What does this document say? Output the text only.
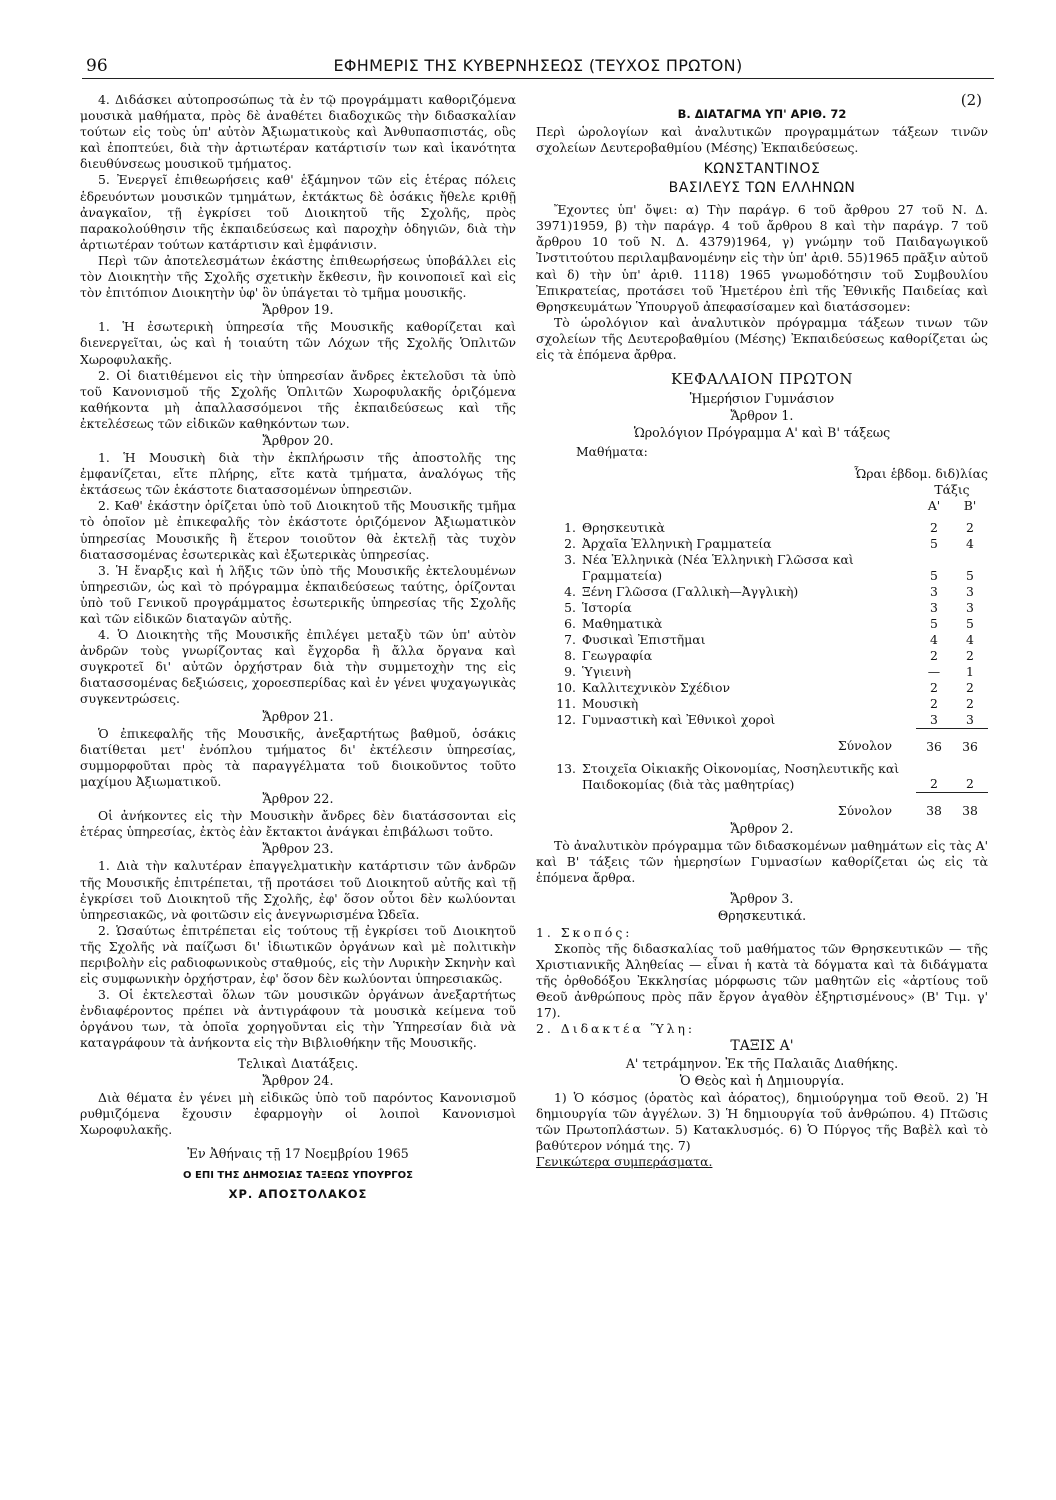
96	ΕΦΗΜΕΡΙΣ ΤΗΣ ΚΥΒΕΡΝΗΣΕΩΣ (ΤΕΥΧΟΣ ΠΡΩΤΟΝ)

4. Διδάσκει αὐτοπροσώπως τὰ ἐν τῷ προγράμματι καθοριζόμενα μουσικὰ μαθήματα, πρὸς δὲ ἀναθέτει διαδοχικῶς τὴν διδασκαλίαν τούτων εἰς τοὺς ὑπ' αὐτὸν Ἀξιωματικοὺς καὶ Ἀνθυπασπιστάς, οὓς καὶ ἐποπτεύει, διὰ τὴν ἀρτιωτέραν κατάρτισίν των καὶ ἱκανότητα διευθύνσεως μουσικοῦ τμήματος.

5. Ἐνεργεῖ ἐπιθεωρήσεις καθ' ἑξάμηνον τῶν εἰς ἑτέρας πόλεις ἑδρευόντων μουσικῶν τμημάτων, ἐκτάκτως δὲ ὁσάκις ἤθελε κριθῇ ἀναγκαῖον, τῇ ἐγκρίσει τοῦ Διοικητοῦ τῆς Σχολῆς, πρὸς παρακολούθησιν τῆς ἐκπαιδεύσεως καὶ παροχὴν ὁδηγιῶν, διὰ τὴν ἀρτιωτέραν τούτων κατάρτισιν καὶ ἐμφάνισιν.

Περὶ τῶν ἀποτελεσμάτων ἑκάστης ἐπιθεωρήσεως ὑποβάλλει εἰς τὸν Διοικητὴν τῆς Σχολῆς σχετικὴν ἔκθεσιν, ἣν κοινοποιεῖ καὶ εἰς τὸν ἐπιτόπιον Διοικητὴν ὑφ' ὃν ὑπάγεται τὸ τμῆμα μουσικῆς.

Ἄρθρον 19.

1. Ἡ ἐσωτερικὴ ὑπηρεσία τῆς Μουσικῆς καθορίζεται καὶ διενεργεῖται, ὡς καὶ ἡ τοιαύτη τῶν Λόχων τῆς Σχολῆς Ὁπλιτῶν Χωροφυλακῆς.

2. Οἱ διατιθέμενοι εἰς τὴν ὑπηρεσίαν ἄνδρες ἐκτελοῦσι τὰ ὑπὸ τοῦ Κανονισμοῦ τῆς Σχολῆς Ὁπλιτῶν Χωροφυλακῆς ὁριζόμενα καθήκοντα μὴ ἀπαλλασσόμενοι τῆς ἐκπαιδεύσεως καὶ τῆς ἐκτελέσεως τῶν εἰδικῶν καθηκόντων των.

Ἄρθρον 20.

1. Ἡ Μουσικὴ διὰ τὴν ἐκπλήρωσιν τῆς ἀποστολῆς της ἐμφανίζεται, εἴτε πλήρης, εἴτε κατὰ τμήματα, ἀναλόγως τῆς ἐκτάσεως τῶν ἑκάστοτε διατασσομένων ὑπηρεσιῶν.

2. Καθ' ἑκάστην ὁρίζεται ὑπὸ τοῦ Διοικητοῦ τῆς Μουσικῆς τμῆμα τὸ ὁποῖον μὲ ἐπικεφαλῆς τὸν ἑκάστοτε ὁριζόμενον Ἀξιωματικὸν ὑπηρεσίας Μουσικῆς ἢ ἕτερον τοιοῦτον θὰ ἐκτελῇ τὰς τυχὸν διατασσομένας ἐσωτερικὰς καὶ ἐξωτερικὰς ὑπηρεσίας.

3. Ἡ ἔναρξις καὶ ἡ λῆξις τῶν ὑπὸ τῆς Μουσικῆς ἐκτελουμένων ὑπηρεσιῶν, ὡς καὶ τὸ πρόγραμμα ἐκπαιδεύσεως ταύτης, ὁρίζονται ὑπὸ τοῦ Γενικοῦ προγράμματος ἐσωτερικῆς ὑπηρεσίας τῆς Σχολῆς καὶ τῶν εἰδικῶν διαταγῶν αὐτῆς.

4. Ὁ Διοικητὴς τῆς Μουσικῆς ἐπιλέγει μεταξὺ τῶν ὑπ' αὐτὸν ἀνδρῶν τοὺς γνωρίζοντας καὶ ἔγχορδα ἢ ἄλλα ὄργανα καὶ συγκροτεῖ δι' αὐτῶν ὀρχήστραν διὰ τὴν συμμετοχὴν της εἰς διατασσομένας δεξιώσεις, χοροεσπερίδας καὶ ἐν γένει ψυχαγωγικὰς συγκεντρώσεις.

Ἄρθρον 21.

Ὁ ἐπικεφαλῆς τῆς Μουσικῆς, ἀνεξαρτήτως βαθμοῦ, ὁσάκις διατίθεται μετ' ἐνόπλου τμήματος δι' ἐκτέλεσιν ὑπηρεσίας, συμμορφοῦται πρὸς τὰ παραγγέλματα τοῦ διοικοῦντος τοῦτο μαχίμου Ἀξιωματικοῦ.

Ἄρθρον 22.

Οἱ ἀνήκοντες εἰς τὴν Μουσικὴν ἄνδρες δὲν διατάσσονται εἰς ἑτέρας ὑπηρεσίας, ἐκτὸς ἐὰν ἔκτακτοι ἀνάγκαι ἐπιβάλωσι τοῦτο.

Ἄρθρον 23.

1. Διὰ τὴν καλυτέραν ἐπαγγελματικὴν κατάρτισιν τῶν ἀνδρῶν τῆς Μουσικῆς ἐπιτρέπεται, τῇ προτάσει τοῦ Διοικητοῦ αὐτῆς καὶ τῇ ἐγκρίσει τοῦ Διοικητοῦ τῆς Σχολῆς, ἐφ' ὅσον οὗτοι δὲν κωλύονται ὑπηρεσιακῶς, νὰ φοιτῶσιν εἰς ἀνεγνωρισμένα Ὠδεῖα.

2. Ὡσαύτως ἐπιτρέπεται εἰς τούτους τῇ ἐγκρίσει τοῦ Διοικητοῦ τῆς Σχολῆς νὰ παίζωσι δι' ἰδιωτικῶν ὀργάνων καὶ μὲ πολιτικὴν περιβολὴν εἰς ραδιοφωνικοὺς σταθμούς, εἰς τὴν Λυρικὴν Σκηνὴν καὶ εἰς συμφωνικὴν ὀρχήστραν, ἐφ' ὅσον δὲν κωλύονται ὑπηρεσιακῶς.

3. Οἱ ἐκτελεσταὶ ὅλων τῶν μουσικῶν ὀργάνων ἀνεξαρτήτως ἐνδιαφέροντος πρέπει νὰ ἀντιγράφουν τὰ μουσικὰ κείμενα τοῦ ὀργάνου των, τὰ ὁποῖα χορηγοῦνται εἰς τὴν Ὑπηρεσίαν διὰ νὰ καταγράφουν τὰ ἀνήκοντα εἰς τὴν Βιβλιοθήκην τῆς Μουσικῆς.

Τελικαὶ Διατάξεις.
Ἄρθρον 24.

Διὰ θέματα ἐν γένει μὴ εἰδικῶς ὑπὸ τοῦ παρόντος Κανονισμοῦ ρυθμιζόμενα ἔχουσιν ἐφαρμογὴν οἱ λοιποὶ Κανονισμοὶ Χωροφυλακῆς.

Ἐν Ἀθήναις τῇ 17 Νοεμβρίου 1965
Ο ΕΠΙ ΤΗΣ ΔΗΜΟΣΙΑΣ ΤΑΞΕΩΣ ΥΠΟΥΡΓΟΣ
ΧΡ. ΑΠΟΣΤΟΛΑΚΟΣ
(2)
Β. ΔΙΑΤΑΓΜΑ ΥΠ' ΑΡΙΘ. 72

Περὶ ὡρολογίων καὶ ἀναλυτικῶν προγραμμάτων τάξεων τινῶν σχολείων Δευτεροβαθμίου (Μέσης) Ἐκπαιδεύσεως.

ΚΩΝΣΤΑΝΤΙΝΟΣ
ΒΑΣΙΛΕΥΣ ΤΩΝ ΕΛΛΗΝΩΝ

Ἔχοντες ὑπ' ὄψει: α) Τὴν παράγρ. 6 τοῦ ἄρθρου 27 τοῦ Ν. Δ. 3971)1959, β) τὴν παράγρ. 4 τοῦ ἄρθρου 8 καὶ τὴν παράγρ. 7 τοῦ ἄρθρου 10 τοῦ Ν. Δ. 4379)1964, γ) γνώμην τοῦ Παιδαγωγικοῦ Ἰνστιτούτου περιλαμβανομένην εἰς τὴν ὑπ' ἀριθ. 55)1965 πρᾶξιν αὐτοῦ καὶ δ) τὴν ὑπ' ἀριθ. 1118) 1965 γνωμοδότησιν τοῦ Συμβουλίου Ἐπικρατείας, προτάσει τοῦ Ἡμετέρου ἐπὶ τῆς Ἐθνικῆς Παιδείας καὶ Θρησκευμάτων Ὑπουργοῦ ἀπεφασίσαμεν καὶ διατάσσομεν:

Τὸ ὡρολόγιον καὶ ἀναλυτικὸν πρόγραμμα τάξεων τινων τῶν σχολείων τῆς Δευτεροβαθμίου (Μέσης) Ἐκπαιδεύσεως καθορίζεται ὡς εἰς τὰ ἑπόμενα ἄρθρα.

ΚΕΦΑΛΑΙΟΝ ΠΡΩΤΟΝ
Ἡμερήσιον Γυμνάσιον
Ἄρθρον 1.
Ὡρολόγιον Πρόγραμμα Α' καὶ Β' τάξεως
Μαθήματα:
Ὧραι ἑβδομ. διδ)λίας
		Τάξις	
		Α'	Β'

1.	Θρησκευτικὰ	2	2
2.	Ἀρχαῖα Ἑλληνικὴ Γραμματεία	5	4
3.	Νέα Ἑλληνικὰ (Νέα Ἑλληνικὴ Γλῶσσα καὶ Γραμματεία)	5	5
4.	Ξένη Γλῶσσα (Γαλλικὴ—Ἀγγλικὴ)	3	3
5.	Ἱστορία	3	3
6.	Μαθηματικὰ	5	5
7.	Φυσικαὶ Ἐπιστῆμαι	4	4
8.	Γεωγραφία	2	2
9.	Ὑγιεινὴ	—	1
10.	Καλλιτεχνικὸν Σχέδιον	2	2
11.	Μουσικὴ	2	2
12.	Γυμναστικὴ καὶ Ἐθνικοὶ χοροὶ	3	3
	Σύνολον	36	36

13.	Στοιχεῖα Οἰκιακῆς Οἰκονομίας, Νοσηλευτικῆς καὶ Παιδοκομίας (διὰ τὰς μαθητρίας)	2	2
	Σύνολον	38	38
Ἄρθρον 2.

Τὸ ἀναλυτικὸν πρόγραμμα τῶν διδασκομένων μαθημάτων εἰς τὰς Α' καὶ Β' τάξεις τῶν ἡμερησίων Γυμνασίων καθορίζεται ὡς εἰς τὰ ἑπόμενα ἄρθρα.

Ἄρθρον 3.
Θρησκευτικά.

1. Σκοπός:

Σκοπὸς τῆς διδασκαλίας τοῦ μαθήματος τῶν Θρησκευτικῶν — τῆς Χριστιανικῆς Ἀληθείας — εἶναι ἡ κατὰ τὰ δόγματα καὶ τὰ διδάγματα τῆς ὀρθοδόξου Ἐκκλησίας μόρφωσις τῶν μαθητῶν εἰς «ἀρτίους τοῦ Θεοῦ ἀνθρώπους πρὸς πᾶν ἔργον ἀγαθὸν ἐξηρτισμένους» (Β' Τιμ. γ' 17).

2. Διδακτέα Ὕλη:

ΤΑΞΙΣ Α'
Α' τετράμηνον. Ἐκ τῆς Παλαιᾶς Διαθήκης.
Ὁ Θεὸς καὶ ἡ Δημιουργία.

1) Ὁ κόσμος (ὁρατὸς καὶ ἀόρατος), δημιούργημα τοῦ Θεοῦ. 2) Ἡ δημιουργία τῶν ἀγγέλων. 3) Ἡ δημιουργία τοῦ ἀνθρώπου. 4) Πτῶσις τῶν Πρωτοπλάστων. 5) Κατακλυσμός. 6) Ὁ Πύργος τῆς Βαβὲλ καὶ τὸ βαθύτερον νόημά της. 7)

Γενικώτερα συμπεράσματα.
